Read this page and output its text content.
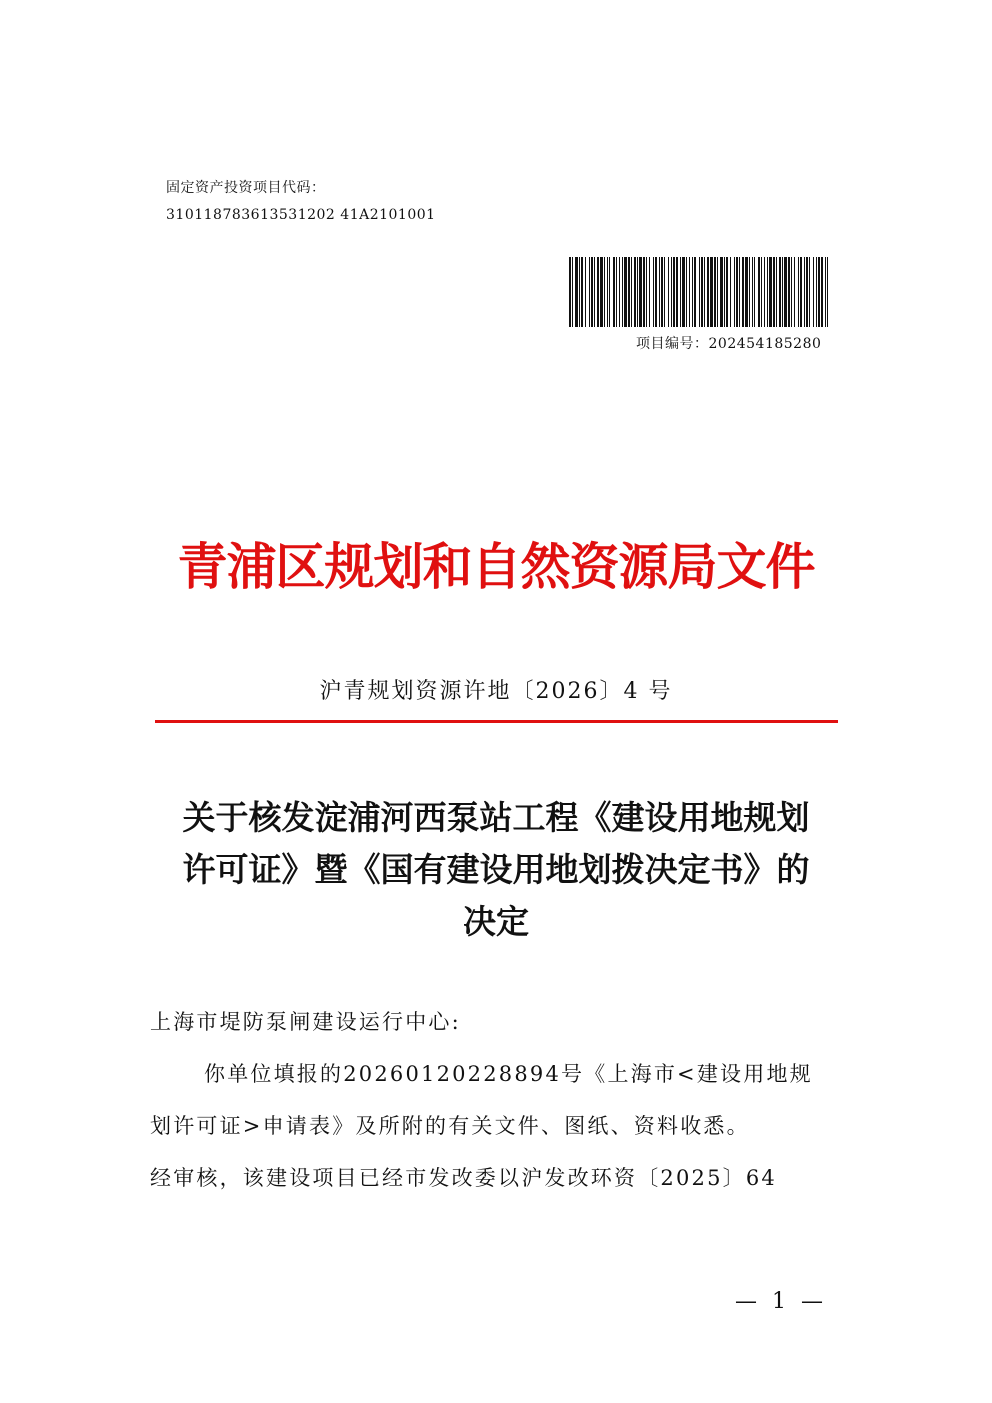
固定资产投资项目代码：
310118783613531202 41A2101001
项目编号：202454185280
青浦区规划和自然资源局文件
沪青规划资源许地〔2026〕4 号
关于核发淀浦河西泵站工程《建设用地规划
许可证》暨《国有建设用地划拨决定书》的
决定
上海市堤防泵闸建设运行中心:
你单位填报的20260120228894号《上海市<建设用地规
划许可证>申请表》及所附的有关文件、图纸、资料收悉。
经审核，该建设项目已经市发改委以沪发改环资〔2025〕64
— 1 —
